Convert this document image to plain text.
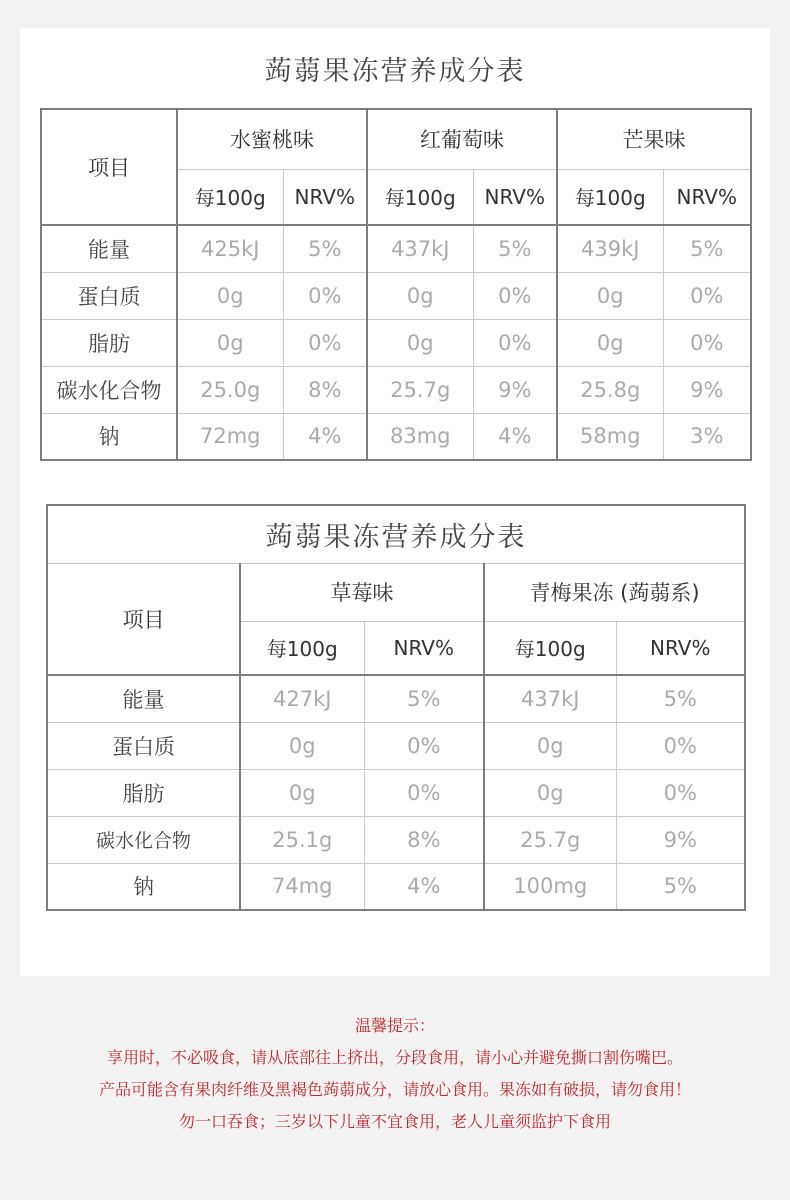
蒟蒻果冻营养成分表
项目	水蜜桃味		红葡萄味		芒果味	
	每100g	NRV%	每100g	NRV%	每100g	NRV%
能量	425kJ	5%	437kJ	5%	439kJ	5%
蛋白质	0g	0%	0g	0%	0g	0%
脂肪	0g	0%	0g	0%	0g	0%
碳水化合物	25.0g	8%	25.7g	9%	25.8g	9%
钠	72mg	4%	83mg	4%	58mg	3%
蒟蒻果冻营养成分表				
项目	草莓味		青梅果冻 (蒟蒻系)	
	每100g	NRV%	每100g	NRV%
能量	427kJ	5%	437kJ	5%
蛋白质	0g	0%	0g	0%
脂肪	0g	0%	0g	0%
碳水化合物	25.1g	8%	25.7g	9%
钠	74mg	4%	100mg	5%
温馨提示：
享用时，不必吸食，请从底部往上挤出，分段食用，请小心并避免撕口割伤嘴巴。
产品可能含有果肉纤维及黑褐色蒟蒻成分，请放心食用。果冻如有破损，请勿食用！
勿一口吞食；三岁以下儿童不宜食用，老人儿童须监护下食用
